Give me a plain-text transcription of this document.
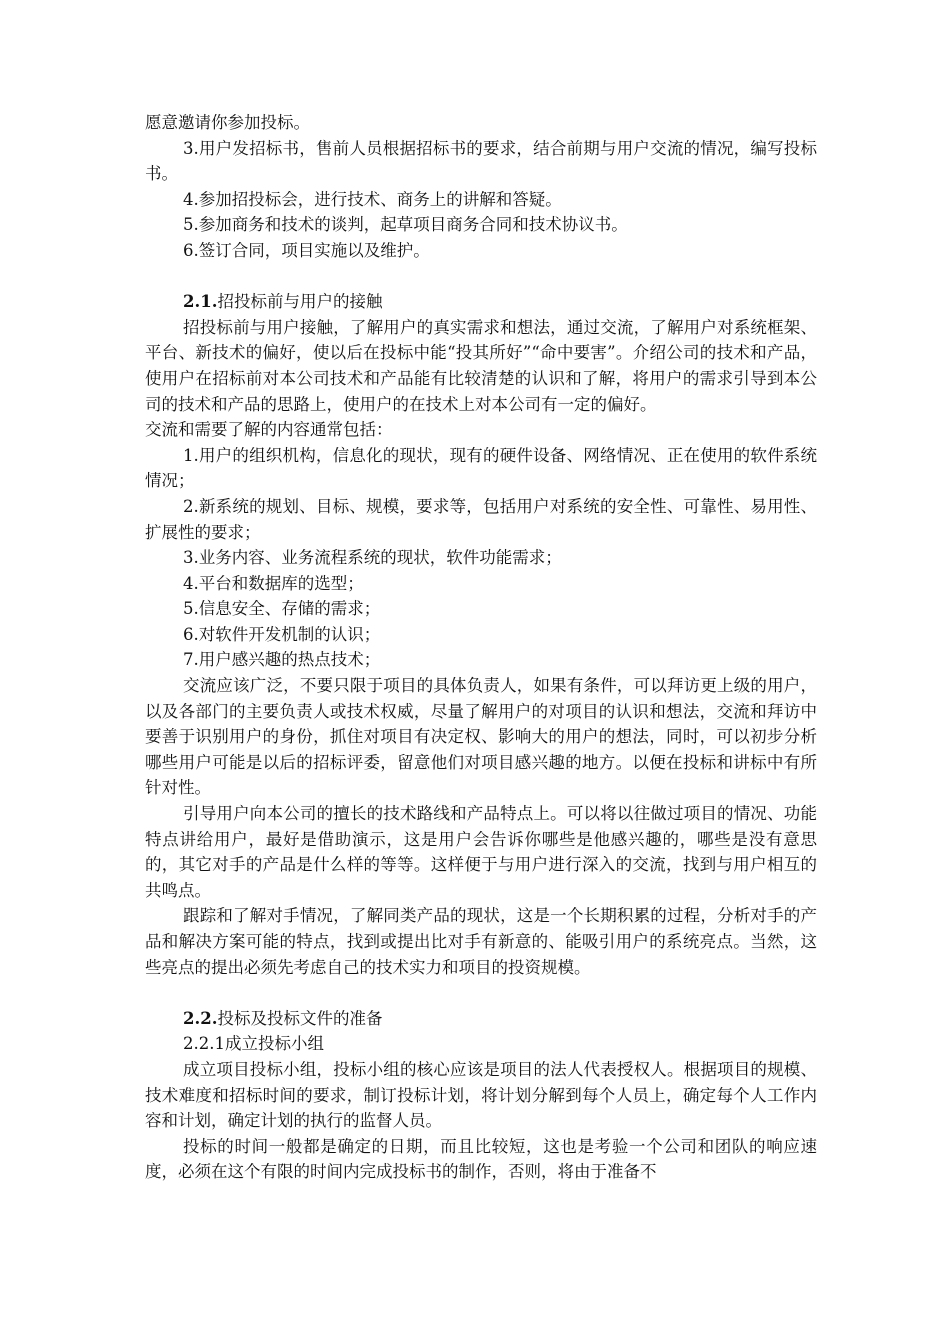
愿意邀请你参加投标。

3.用户发招标书，售前人员根据招标书的要求，结合前期与用户交流的情况，编写投标书。

4.参加招投标会，进行技术、商务上的讲解和答疑。

5.参加商务和技术的谈判，起草项目商务合同和技术协议书。

6.签订合同，项目实施以及维护。

2.1.招投标前与用户的接触

招投标前与用户接触，了解用户的真实需求和想法，通过交流，了解用户对系统框架、平台、新技术的偏好，使以后在投标中能“投其所好”“命中要害”。介绍公司的技术和产品，使用户在招标前对本公司技术和产品能有比较清楚的认识和了解，将用户的需求引导到本公司的技术和产品的思路上，使用户的在技术上对本公司有一定的偏好。

交流和需要了解的内容通常包括：

1.用户的组织机构，信息化的现状，现有的硬件设备、网络情况、正在使用的软件系统情况；

2.新系统的规划、目标、规模，要求等，包括用户对系统的安全性、可靠性、易用性、扩展性的要求；

3.业务内容、业务流程系统的现状，软件功能需求；

4.平台和数据库的选型；

5.信息安全、存储的需求；

6.对软件开发机制的认识；

7.用户感兴趣的热点技术；

交流应该广泛，不要只限于项目的具体负责人，如果有条件，可以拜访更上级的用户，以及各部门的主要负责人或技术权威，尽量了解用户的对项目的认识和想法，交流和拜访中要善于识别用户的身份，抓住对项目有决定权、影响大的用户的想法，同时，可以初步分析哪些用户可能是以后的招标评委，留意他们对项目感兴趣的地方。以便在投标和讲标中有所针对性。

引导用户向本公司的擅长的技术路线和产品特点上。可以将以往做过项目的情况、功能特点讲给用户，最好是借助演示，这是用户会告诉你哪些是他感兴趣的，哪些是没有意思的，其它对手的产品是什么样的等等。这样便于与用户进行深入的交流，找到与用户相互的共鸣点。

跟踪和了解对手情况，了解同类产品的现状，这是一个长期积累的过程，分析对手的产品和解决方案可能的特点，找到或提出比对手有新意的、能吸引用户的系统亮点。当然，这些亮点的提出必须先考虑自己的技术实力和项目的投资规模。

2.2.投标及投标文件的准备

2.2.1成立投标小组

成立项目投标小组，投标小组的核心应该是项目的法人代表授权人。根据项目的规模、技术难度和招标时间的要求，制订投标计划，将计划分解到每个人员上，确定每个人工作内容和计划，确定计划的执行的监督人员。

投标的时间一般都是确定的日期，而且比较短，这也是考验一个公司和团队的响应速度，必须在这个有限的时间内完成投标书的制作，否则，将由于准备不
